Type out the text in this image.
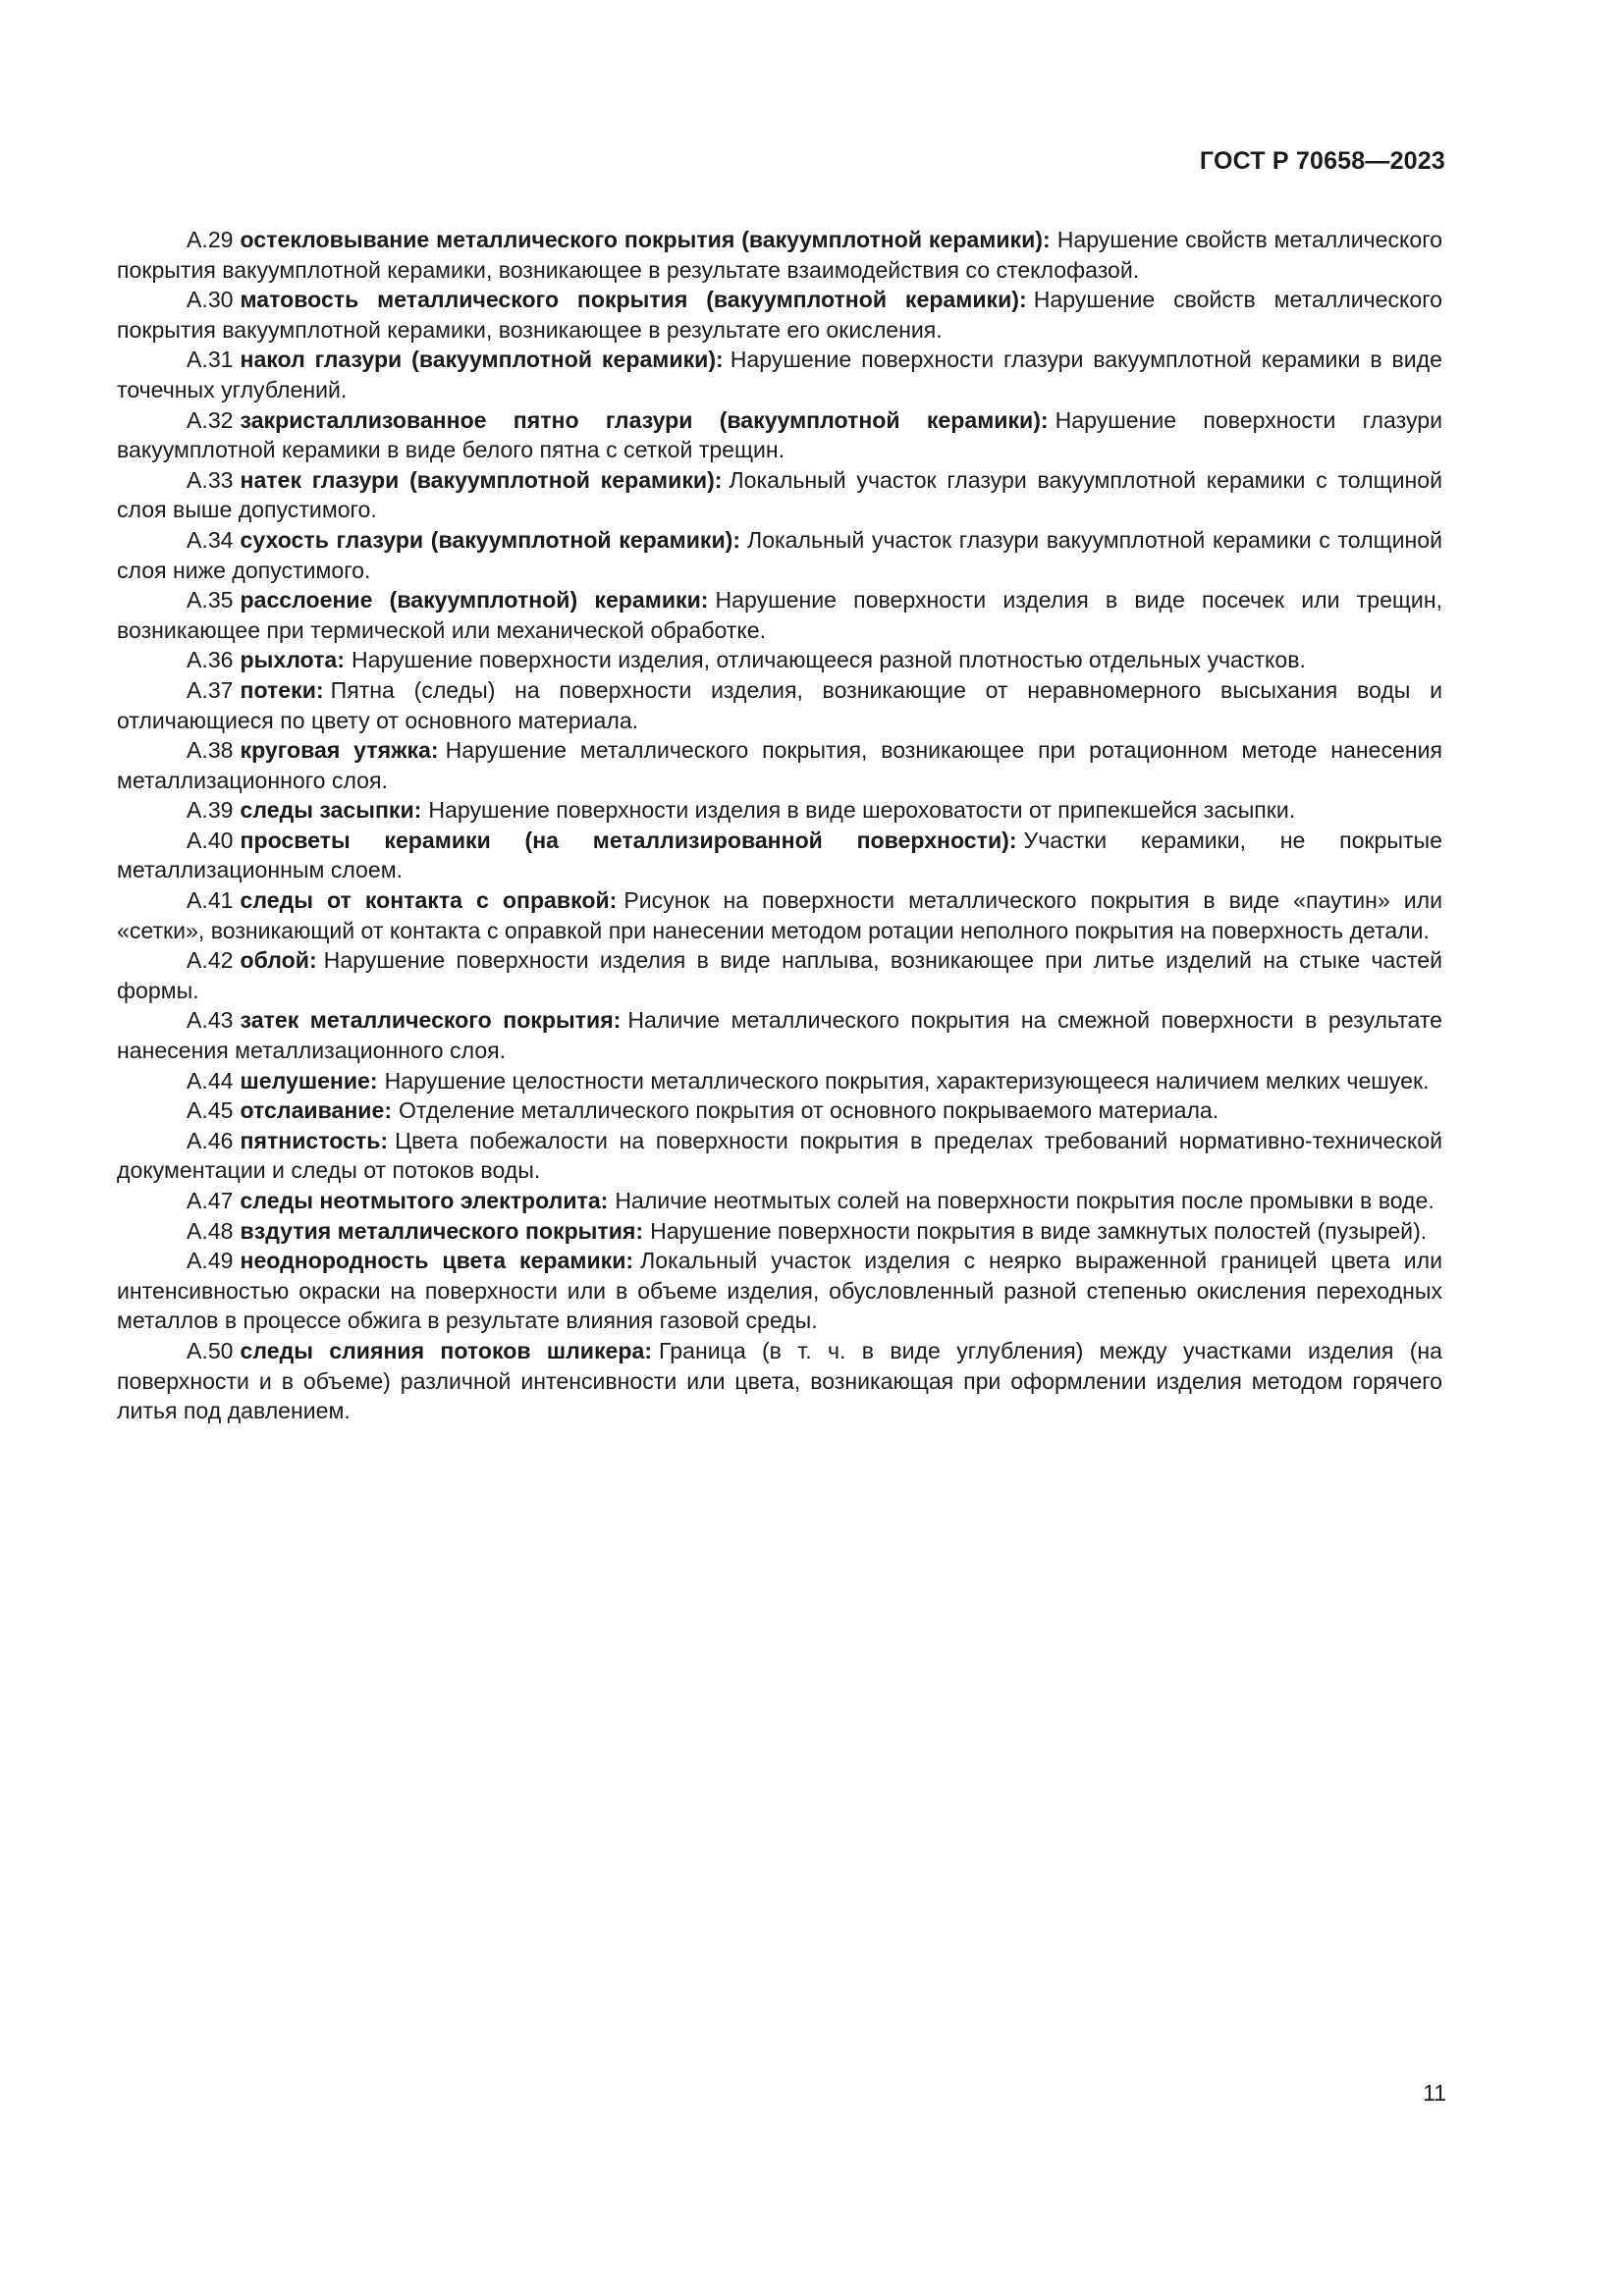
ГОСТ Р 70658—2023

А.29 остекловывание металлического покрытия (вакуумплотной керамики): Нарушение свойств металлического покрытия вакуумплотной керамики, возникающее в результате взаимодействия со стеклофазой.

А.30 матовость металлического покрытия (вакуумплотной керамики): Нарушение свойств металлического покрытия вакуумплотной керамики, возникающее в результате его окисления.

А.31 накол глазури (вакуумплотной керамики): Нарушение поверхности глазури вакуумплотной керамики в виде точечных углублений.

А.32 закристаллизованное пятно глазури (вакуумплотной керамики): Нарушение поверхности глазури вакуумплотной керамики в виде белого пятна с сеткой трещин.

А.33 натек глазури (вакуумплотной керамики): Локальный участок глазури вакуумплотной керамики с толщиной слоя выше допустимого.

А.34 сухость глазури (вакуумплотной керамики): Локальный участок глазури вакуумплотной керамики с толщиной слоя ниже допустимого.

А.35 расслоение (вакуумплотной) керамики: Нарушение поверхности изделия в виде посечек или трещин, возникающее при термической или механической обработке.

А.36 рыхлота: Нарушение поверхности изделия, отличающееся разной плотностью отдельных участков.

А.37 потеки: Пятна (следы) на поверхности изделия, возникающие от неравномерного высыхания воды и отличающиеся по цвету от основного материала.

А.38 круговая утяжка: Нарушение металлического покрытия, возникающее при ротационном методе нанесения металлизационного слоя.

А.39 следы засыпки: Нарушение поверхности изделия в виде шероховатости от припекшейся засыпки.

А.40 просветы керамики (на металлизированной поверхности): Участки керамики, не покрытые металлизационным слоем.

А.41 следы от контакта с оправкой: Рисунок на поверхности металлического покрытия в виде «паутин» или «сетки», возникающий от контакта с оправкой при нанесении методом ротации неполного покрытия на поверхность детали.

А.42 облой: Нарушение поверхности изделия в виде наплыва, возникающее при литье изделий на стыке частей формы.

А.43 затек металлического покрытия: Наличие металлического покрытия на смежной поверхности в результате нанесения металлизационного слоя.

А.44 шелушение: Нарушение целостности металлического покрытия, характеризующееся наличием мелких чешуек.

А.45 отслаивание: Отделение металлического покрытия от основного покрываемого материала.

А.46 пятнистость: Цвета побежалости на поверхности покрытия в пределах требований нормативно-технической документации и следы от потоков воды.

А.47 следы неотмытого электролита: Наличие неотмытых солей на поверхности покрытия после промывки в воде.

А.48 вздутия металлического покрытия: Нарушение поверхности покрытия в виде замкнутых полостей (пузырей).

А.49 неоднородность цвета керамики: Локальный участок изделия с неярко выраженной границей цвета или интенсивностью окраски на поверхности или в объеме изделия, обусловленный разной степенью окисления переходных металлов в процессе обжига в результате влияния газовой среды.

А.50 следы слияния потоков шликера: Граница (в т. ч. в виде углубления) между участками изделия (на поверхности и в объеме) различной интенсивности или цвета, возникающая при оформлении изделия методом горячего литья под давлением.

11
